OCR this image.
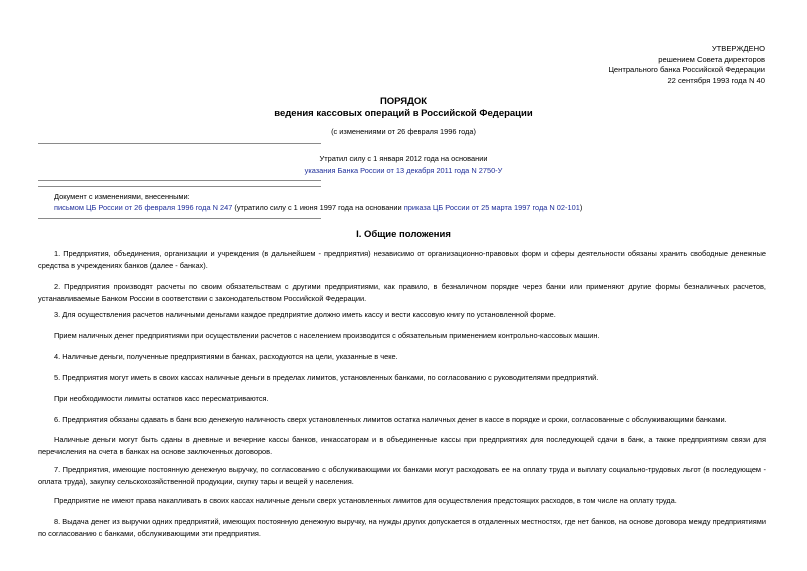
УТВЕРЖДЕНО
решением Совета директоров
Центрального банка Российской Федерации
22 сентября 1993 года N 40
ПОРЯДОК
ведения кассовых операций в Российской Федерации
(с изменениями от 26 февраля 1996 года)
Утратил силу с 1 января 2012 года на основании
указания Банка России от 13 декабря 2011 года N 2750-У
Документ с изменениями, внесенными:
письмом ЦБ России от 26 февраля 1996 года N 247 (утратило силу с 1 июня 1997 года на основании приказа ЦБ России от 25 марта 1997 года N 02-101)
I. Общие положения
1. Предприятия, объединения, организации и учреждения (в дальнейшем - предприятия) независимо от организационно-правовых форм и сферы деятельности обязаны хранить свободные денежные средства в учреждениях банков (далее - банках).
2. Предприятия производят расчеты по своим обязательствам с другими предприятиями, как правило, в безналичном порядке через банки или применяют другие формы безналичных расчетов, устанавливаемые Банком России в соответствии с законодательством Российской Федерации.
3. Для осуществления расчетов наличными деньгами каждое предприятие должно иметь кассу и вести кассовую книгу по установленной форме.
Прием наличных денег предприятиями при осуществлении расчетов с населением производится с обязательным применением контрольно-кассовых машин.
4. Наличные деньги, полученные предприятиями в банках, расходуются на цели, указанные в чеке.
5. Предприятия могут иметь в своих кассах наличные деньги в пределах лимитов, установленных банками, по согласованию с руководителями предприятий.
При необходимости лимиты остатков касс пересматриваются.
6. Предприятия обязаны сдавать в банк всю денежную наличность сверх установленных лимитов остатка наличных денег в кассе в порядке и сроки, согласованные с обслуживающими банками.
Наличные деньги могут быть сданы в дневные и вечерние кассы банков, инкассаторам и в объединенные кассы при предприятиях для последующей сдачи в банк, а также предприятиям связи для перечисления на счета в банках на основе заключенных договоров.
7. Предприятия, имеющие постоянную денежную выручку, по согласованию с обслуживающими их банками могут расходовать ее на оплату труда и выплату социально-трудовых льгот (в последующем - оплата труда), закупку сельскохозяйственной продукции, скупку тары и вещей у населения.
Предприятие не имеют права накапливать в своих кассах наличные деньги сверх установленных лимитов для осуществления предстоящих расходов, в том числе на оплату труда.
8. Выдача денег из выручки одних предприятий, имеющих постоянную денежную выручку, на нужды других допускается в отдаленных местностях, где нет банков, на основе договора между предприятиями по согласованию с банками, обслуживающими эти предприятия.
